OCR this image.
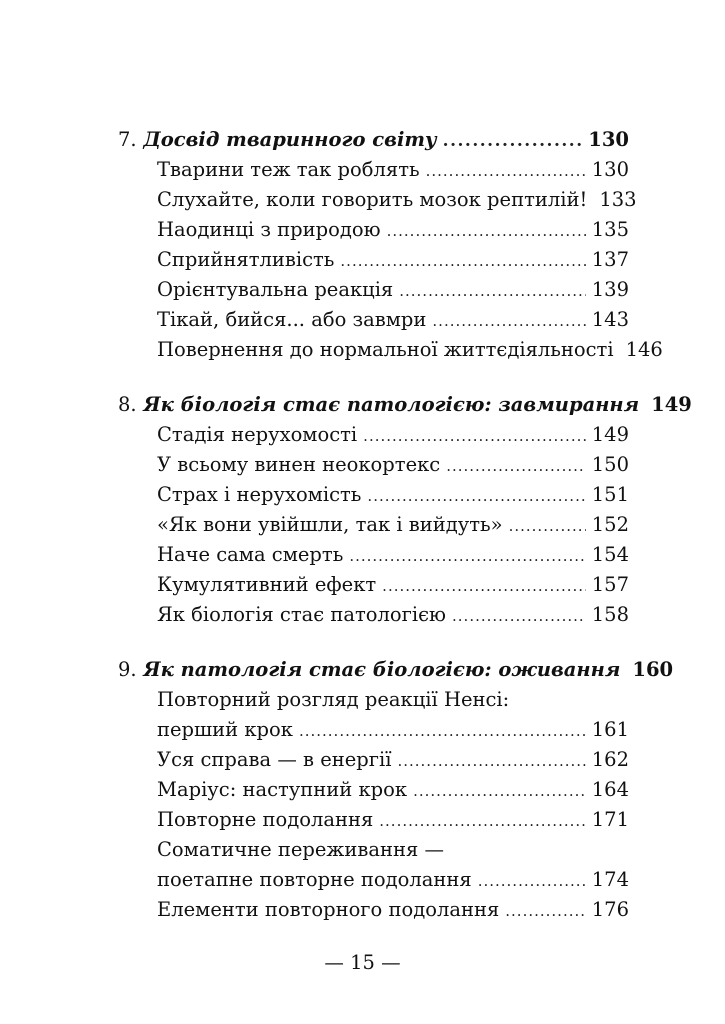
7. Досвід тваринного світу .....	130
Тварини теж так роблять .....	130
Слухайте, коли говорить мозок рептилій! 133
Наодинці з природою .....	135
Сприйнятливість .....	137
Орієнтувальна реакція .....	139
Тікай, бийся... або завмри .....	143
Повернення до нормальної життєдіяльності 146
8. Як біологія стає патологією: завмирання 149
Стадія нерухомості .....	149
У всьому винен неокортекс .....	150
Страх і нерухомість .....	151
«Як вони увійшли, так і вийдуть» .....	152
Наче сама смерть .....	154
Кумулятивний ефект .....	157
Як біологія стає патологією .....	158
9. Як патологія стає біологією: оживання 160
Повторний розгляд реакції Ненсі:
перший крок .....	161
Уся справа — в енергії .....	162
Маріус: наступний крок .....	164
Повторне подолання .....	171
Соматичне переживання —
поетапне повторне подолання .....	174
Елементи повторного подолання .....	176
— 15 —
